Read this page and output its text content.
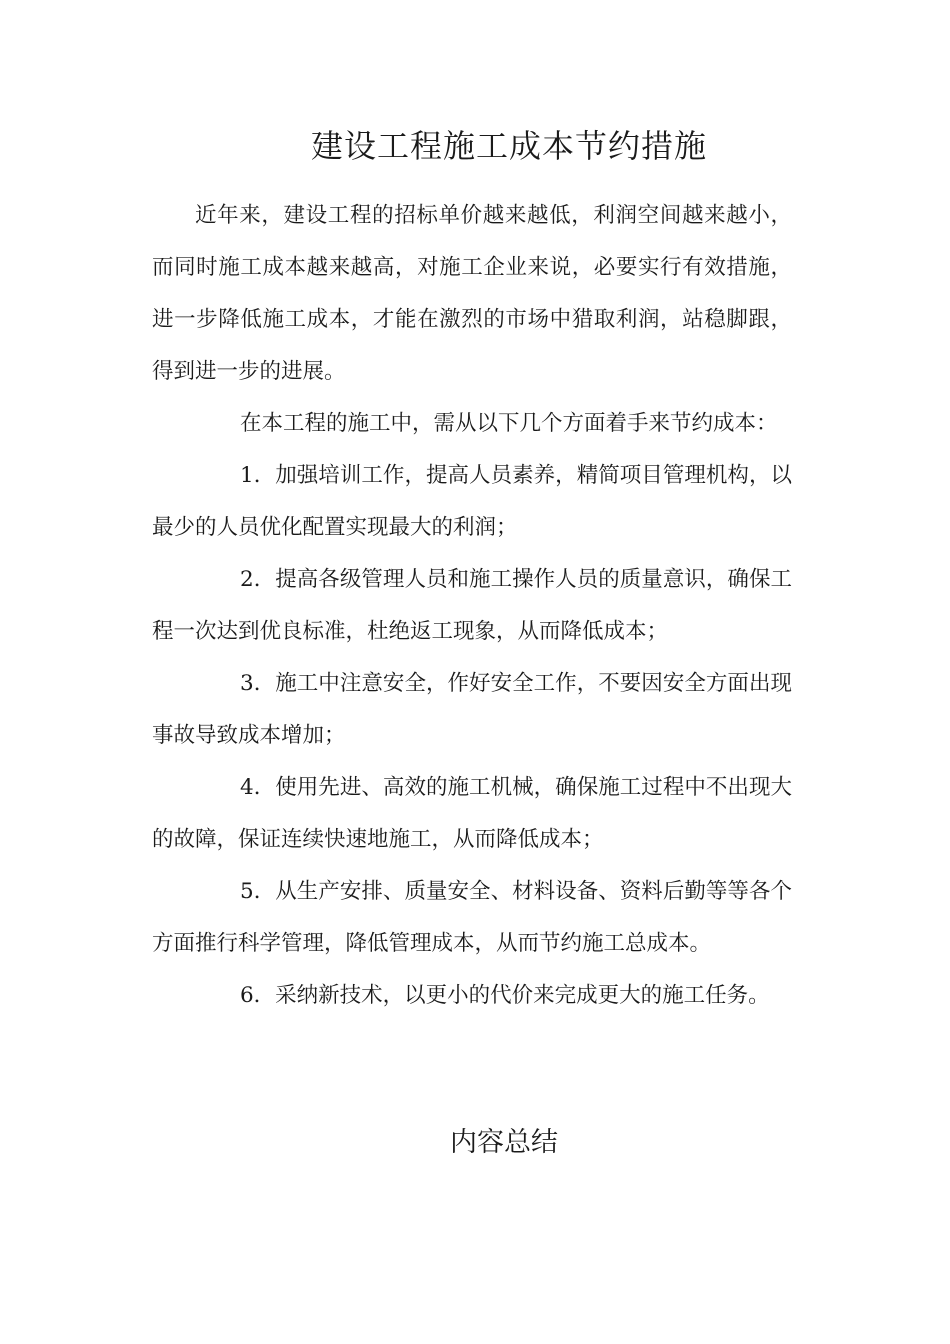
建设工程施工成本节约措施

近年来，建设工程的招标单价越来越低，利润空间越来越小，而同时施工成本越来越高，对施工企业来说，必要实行有效措施，进一步降低施工成本，才能在激烈的市场中猎取利润，站稳脚跟，得到进一步的进展。

在本工程的施工中，需从以下几个方面着手来节约成本：

1．加强培训工作，提高人员素养，精简项目管理机构，以最少的人员优化配置实现最大的利润；

2．提高各级管理人员和施工操作人员的质量意识，确保工程一次达到优良标准，杜绝返工现象，从而降低成本；

3．施工中注意安全，作好安全工作，不要因安全方面出现事故导致成本增加；

4．使用先进、高效的施工机械，确保施工过程中不出现大的故障，保证连续快速地施工，从而降低成本；

5．从生产安排、质量安全、材料设备、资料后勤等等各个方面推行科学管理，降低管理成本，从而节约施工总成本。

6．采纳新技术，以更小的代价来完成更大的施工任务。

内容总结
